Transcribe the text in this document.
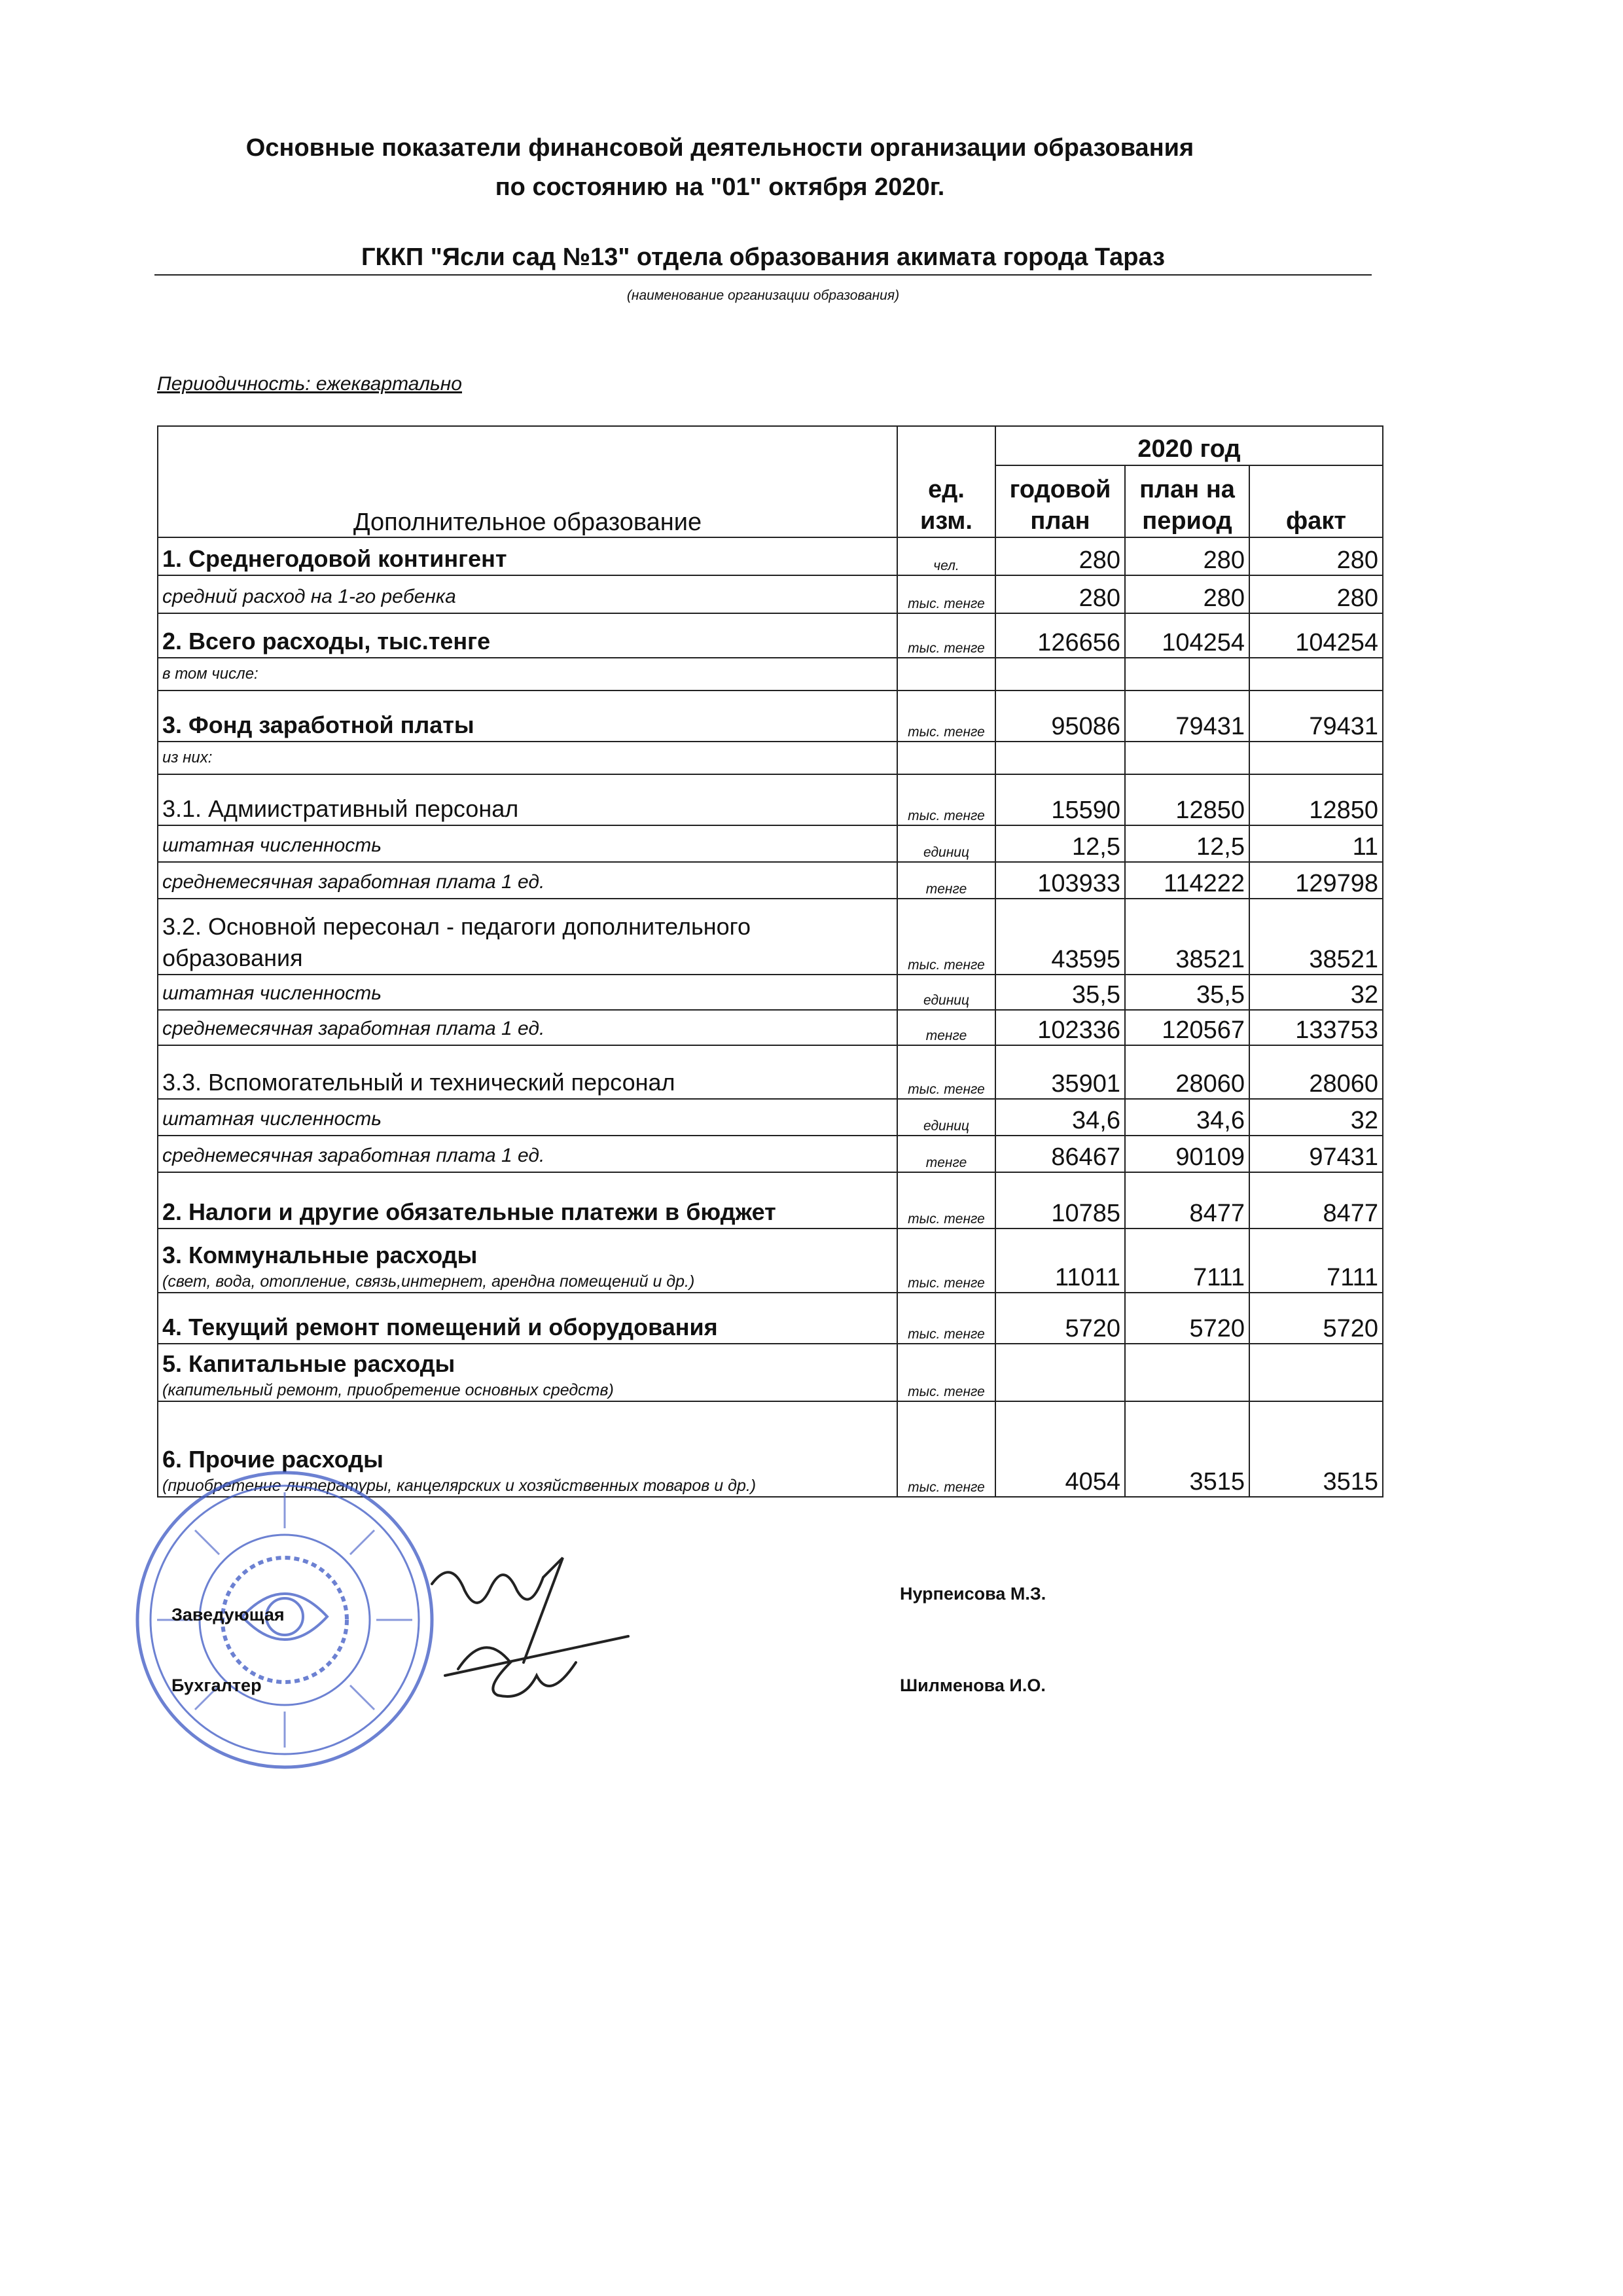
Основные показатели финансовой деятельности организации образования
по состоянию на "01" октября 2020г.
ГККП "Ясли сад №13" отдела образования акимата города Тараз
(наименование организации образования)
Периодичность: ежеквартально
Дополнительное образование	ед. изм.	2020 год		
		годовой план	план на период	факт
1. Среднегодовой контингент	чел.	280	280	280
средний расход на 1-го ребенка	тыс. тенге	280	280	280
2. Всего расходы, тыс.тенге	тыс. тенге	126656	104254	104254
в том числе:				
3. Фонд заработной платы	тыс. тенге	95086	79431	79431
из них:				
3.1. Адмиистративный персонал	тыс. тенге	15590	12850	12850
штатная численность	единиц	12,5	12,5	11
среднемесячная заработная плата 1 ед.	тенге	103933	114222	129798
3.2. Основной пересонал - педагоги дополнительного образования	тыс. тенге	43595	38521	38521
штатная численность	единиц	35,5	35,5	32
среднемесячная заработная плата 1 ед.	тенге	102336	120567	133753
3.3. Вспомогательный и технический персонал	тыс. тенге	35901	28060	28060
штатная численность	единиц	34,6	34,6	32
среднемесячная заработная плата 1 ед.	тенге	86467	90109	97431
2. Налоги и другие обязательные платежи в бюджет	тыс. тенге	10785	8477	8477
3. Коммунальные расходы
(свет, вода, отопление, связь,интернет, арендна помещений и др.)	тыс. тенге	11011	7111	7111
4. Текущий ремонт помещений и оборудования	тыс. тенге	5720	5720	5720
5. Капитальные расходы
(капительный ремонт, приобретение основных средств)	тыс. тенге			
6. Прочие расходы
(приобретение литературы, канцелярских и хозяйственных товаров и др.)	тыс. тенге	4054	3515	3515
Заведующая
Нурпеисова М.З.
Бухгалтер	Шилменова И.О.
